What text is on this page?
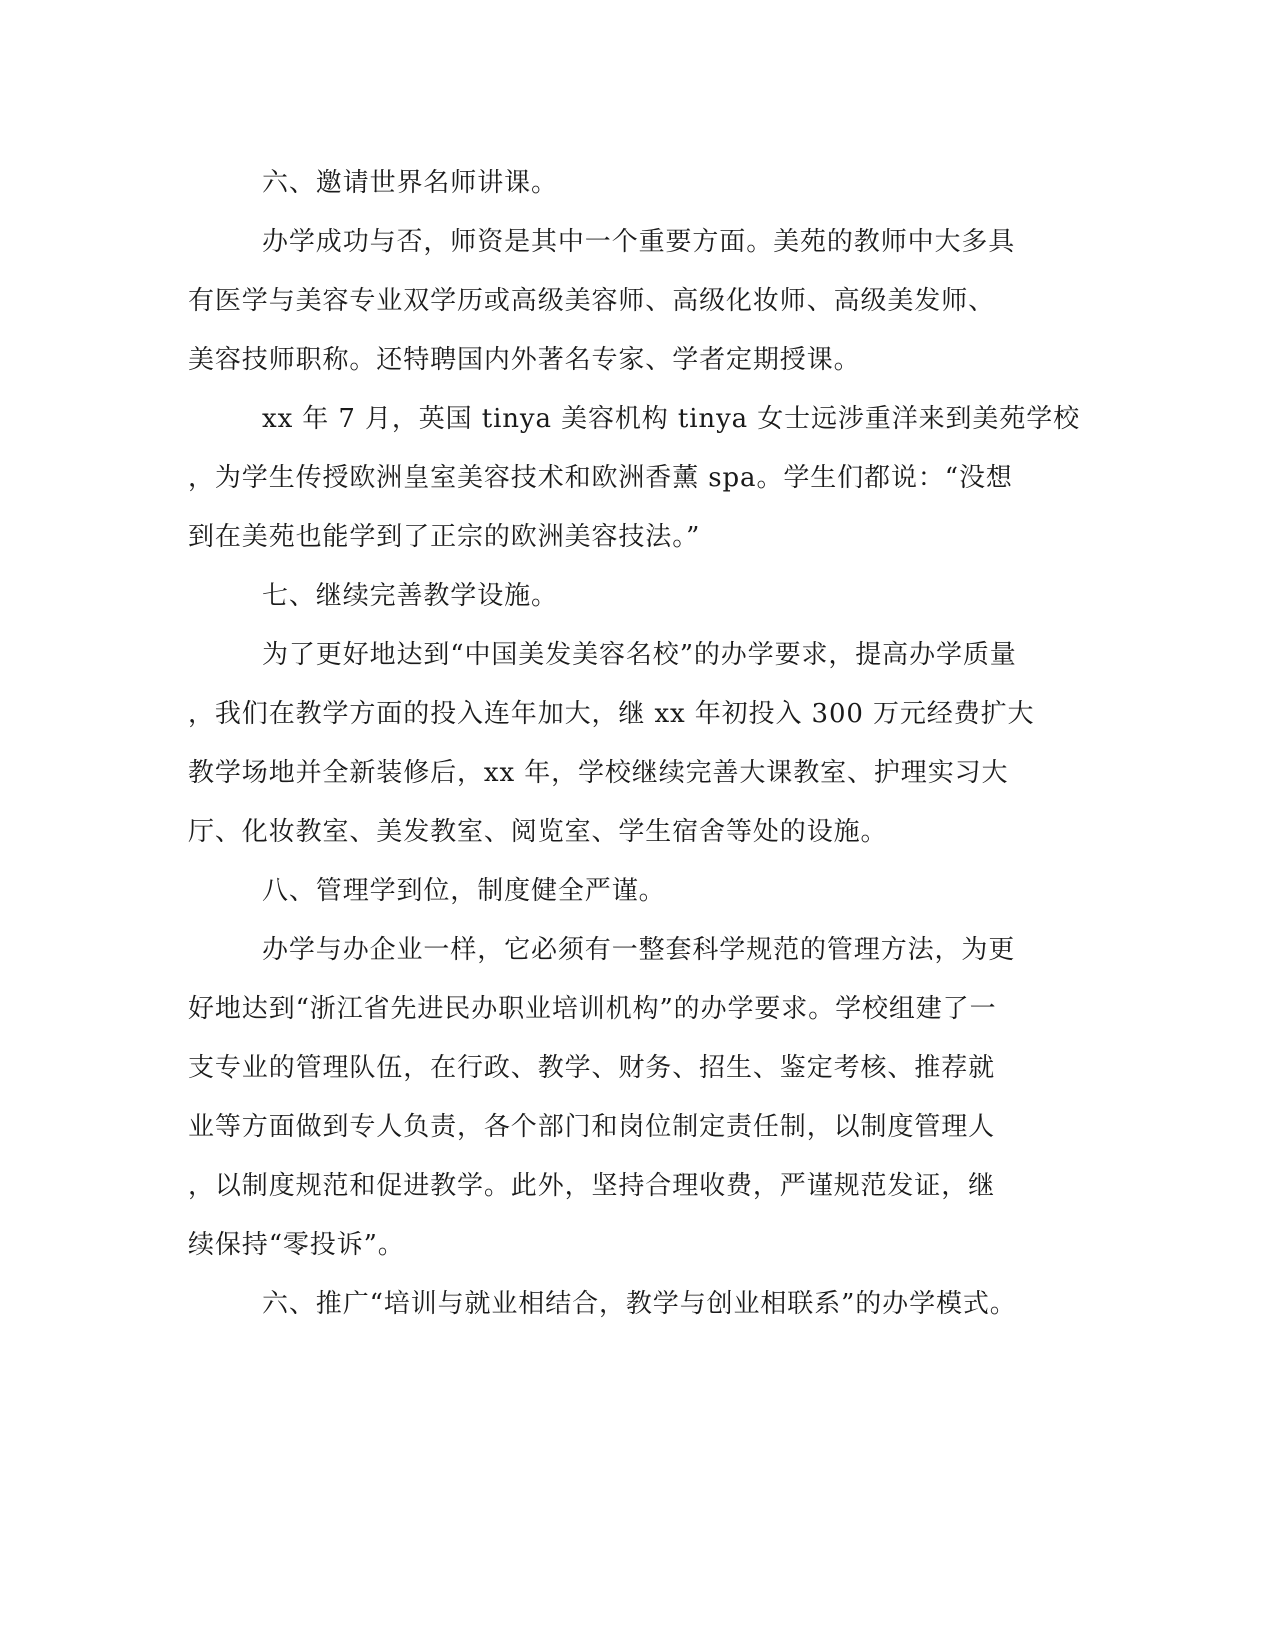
六、邀请世界名师讲课。

办学成功与否，师资是其中一个重要方面。美苑的教师中大多具

有医学与美容专业双学历或高级美容师、高级化妆师、高级美发师、

美容技师职称。还特聘国内外著名专家、学者定期授课。

xx 年 7 月，英国 tinya 美容机构 tinya 女士远涉重洋来到美苑学校

，为学生传授欧洲皇室美容技术和欧洲香薰 spa。学生们都说：“没想

到在美苑也能学到了正宗的欧洲美容技法。”

七、继续完善教学设施。

为了更好地达到“中国美发美容名校”的办学要求，提高办学质量

，我们在教学方面的投入连年加大，继 xx 年初投入 300 万元经费扩大

教学场地并全新装修后，xx 年，学校继续完善大课教室、护理实习大

厅、化妆教室、美发教室、阅览室、学生宿舍等处的设施。

八、管理学到位，制度健全严谨。

办学与办企业一样，它必须有一整套科学规范的管理方法，为更

好地达到“浙江省先进民办职业培训机构”的办学要求。学校组建了一

支专业的管理队伍，在行政、教学、财务、招生、鉴定考核、推荐就

业等方面做到专人负责，各个部门和岗位制定责任制，以制度管理人

，以制度规范和促进教学。此外，坚持合理收费，严谨规范发证，继

续保持“零投诉”。

六、推广“培训与就业相结合，教学与创业相联系”的办学模式。
